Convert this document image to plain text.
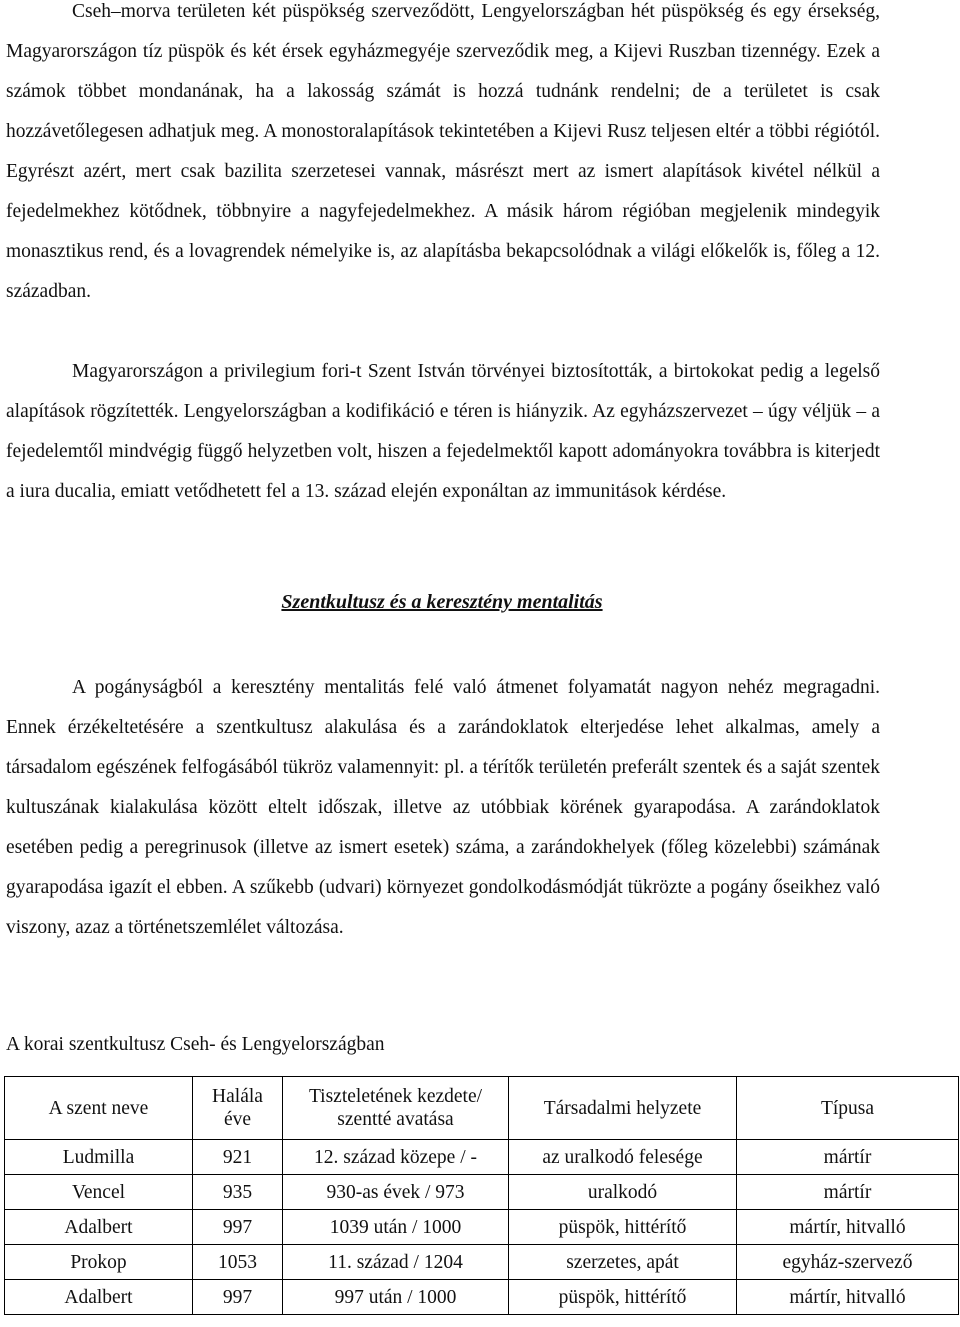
Cseh–morva területen két püspökség szerveződött, Lengyelországban hét püspökség és egy érsekség, Magyarországon tíz püspök és két érsek egyházmegyéje szerveződik meg, a Kijevi Ruszban tizennégy. Ezek a számok többet mondanának, ha a lakosság számát is hozzá tudnánk rendelni; de a területet is csak hozzávetőlegesen adhatjuk meg. A monostoralapítások tekintetében a Kijevi Rusz teljesen eltér a többi régiótól. Egyrészt azért, mert csak bazilita szerzetesei vannak, másrészt mert az ismert alapítások kivétel nélkül a fejedelmekhez kötődnek, többnyire a nagyfejedelmekhez. A másik három régióban megjelenik mindegyik monasztikus rend, és a lovagrendek némelyike is, az alapításba bekapcsolódnak a világi előkelők is, főleg a 12. században.

Magyarországon a privilegium fori-t Szent István törvényei biztosították, a birtokokat pedig a legelső alapítások rögzítették. Lengyelországban a kodifikáció e téren is hiányzik. Az egyházszervezet – úgy véljük – a fejedelemtől mindvégig függő helyzetben volt, hiszen a fejedelmektől kapott adományokra továbbra is kiterjedt a iura ducalia, emiatt vetődhetett fel a 13. század elején exponáltan az immunitások kérdése.

Szentkultusz és a keresztény mentalitás

A pogányságból a keresztény mentalitás felé való átmenet folyamatát nagyon nehéz megragadni. Ennek érzékeltetésére a szentkultusz alakulása és a zarándoklatok elterjedése lehet alkalmas, amely a társadalom egészének felfogásából tükröz valamennyit: pl. a térítők területén preferált szentek és a saját szentek kultuszának kialakulása között eltelt időszak, illetve az utóbbiak körének gyarapodása. A zarándoklatok esetében pedig a peregrinusok (illetve az ismert esetek) száma, a zarándokhelyek (főleg közelebbi) számának gyarapodása igazít el ebben. A szűkebb (udvari) környezet gondolkodásmódját tükrözte a pogány őseikhez való viszony, azaz a történetszemlélet változása.

A korai szentkultusz Cseh- és Lengyelországban

A szent neve	Halála éve	Tiszteletének kezdete/ szentté avatása	Társadalmi helyzete	Típusa
Ludmilla	921	12. század közepe / -	az uralkodó felesége	mártír
Vencel	935	930-as évek / 973	uralkodó	mártír
Adalbert	997	1039 után / 1000	püspök, hittérítő	mártír, hitvalló
Prokop	1053	11. század / 1204	szerzetes, apát	egyház-szervező
Adalbert	997	997 után / 1000	püspök, hittérítő	mártír, hitvalló
